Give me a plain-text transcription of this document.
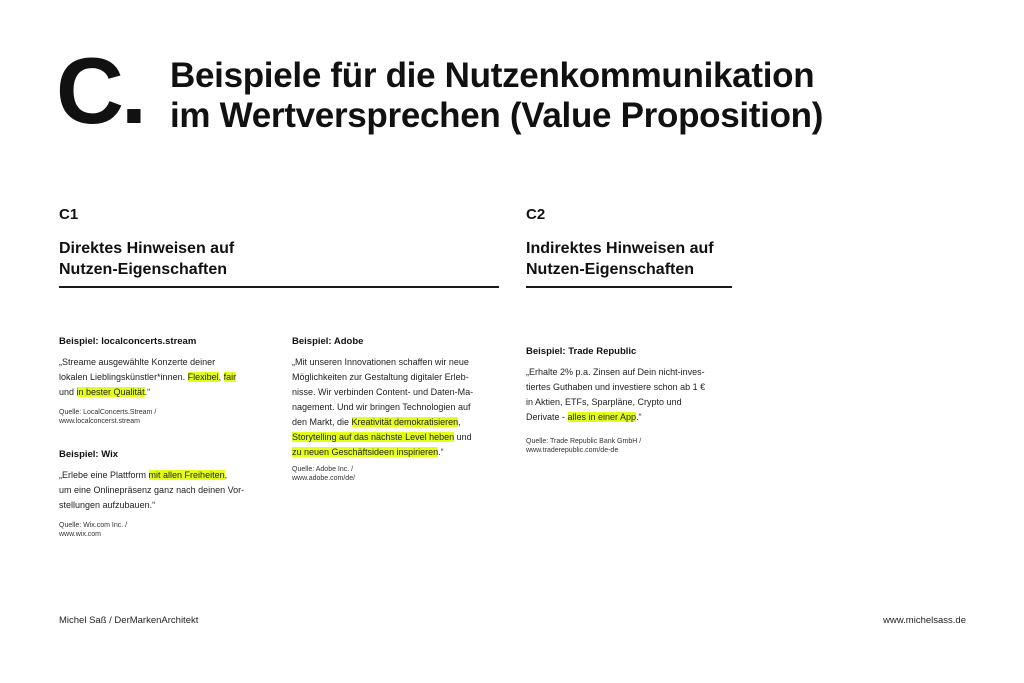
C. Beispiele für die Nutzenkommunikation
im Wertversprechen (Value Proposition)
C1
Direktes Hinweisen auf
Nutzen-Eigenschaften
Beispiel: localconcerts.stream
„Streame ausgewählte Konzerte deiner
lokalen Lieblingskünstler*innen. Flexibel, fair
und in bester Qualität.“
Quelle: LocalConcerts.Stream /
www.localconcerst.stream
Beispiel: Wix
„Erlebe eine Plattform mit allen Freiheiten,
um eine Onlinepräsenz ganz nach deinen Vor-
stellungen aufzubauen.“
Quelle: Wix.com Inc. /
www.wix.com
Beispiel: Adobe
„Mit unseren Innovationen schaffen wir neue
Möglichkeiten zur Gestaltung digitaler Erleb-
nisse. Wir verbinden Content- und Daten-Ma-
nagement. Und wir bringen Technologien auf
den Markt, die Kreativität demokratisieren,
Storytelling auf das nächste Level heben und
zu neuen Geschäftsideen inspirieren.“
Quelle: Adobe Inc. /
www.adobe.com/de/
C2
Indirektes Hinweisen auf
Nutzen-Eigenschaften
Beispiel: Trade Republic
„Erhalte 2% p.a. Zinsen auf Dein nicht-inves-
tiertes Guthaben und investiere schon ab 1 €
in Aktien, ETFs, Sparpläne, Crypto und
Derivate - alles in einer App.“
Quelle: Trade Republic Bank GmbH /
www.traderepublic.com/de-de
Michel Saß / DerMarkenArchitekt	www.michelsass.de
